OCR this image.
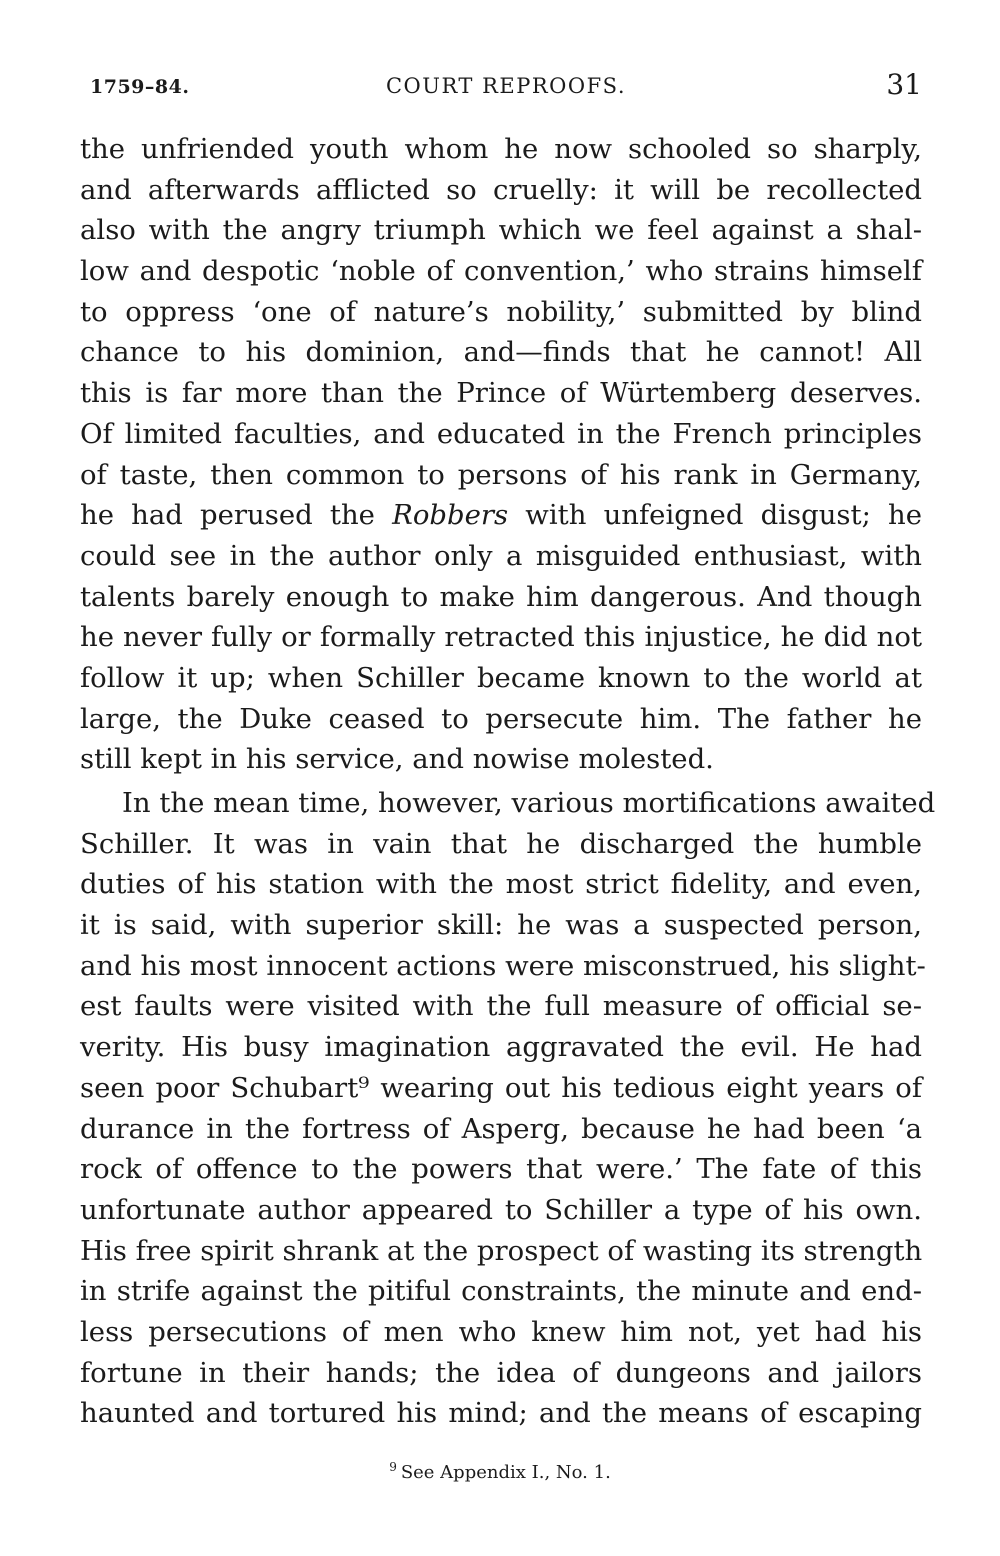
1759–84.	COURT REPROOFS.	31
the unfriended youth whom he now schooled so sharply,
and afterwards afflicted so cruelly: it will be recollected
also with the angry triumph which we feel against a shal-
low and despotic ‘noble of convention,’ who strains himself
to oppress ‘one of nature’s nobility,’ submitted by blind
chance to his dominion, and—finds that he cannot! All
this is far more than the Prince of Würtemberg deserves.
Of limited faculties, and educated in the French principles
of taste, then common to persons of his rank in Germany,
he had perused the Robbers with unfeigned disgust; he
could see in the author only a misguided enthusiast, with
talents barely enough to make him dangerous. And though
he never fully or formally retracted this injustice, he did not
follow it up; when Schiller became known to the world at
large, the Duke ceased to persecute him. The father he
still kept in his service, and nowise molested.
In the mean time, however, various mortifications awaited
Schiller. It was in vain that he discharged the humble
duties of his station with the most strict fidelity, and even,
it is said, with superior skill: he was a suspected person,
and his most innocent actions were misconstrued, his slight-
est faults were visited with the full measure of official se-
verity. His busy imagination aggravated the evil. He had
seen poor Schubart⁹ wearing out his tedious eight years of
durance in the fortress of Asperg, because he had been ‘a
rock of offence to the powers that were.’ The fate of this
unfortunate author appeared to Schiller a type of his own.
His free spirit shrank at the prospect of wasting its strength
in strife against the pitiful constraints, the minute and end-
less persecutions of men who knew him not, yet had his
fortune in their hands; the idea of dungeons and jailors
haunted and tortured his mind; and the means of escaping
$^9$ See Appendix I., No. 1.
